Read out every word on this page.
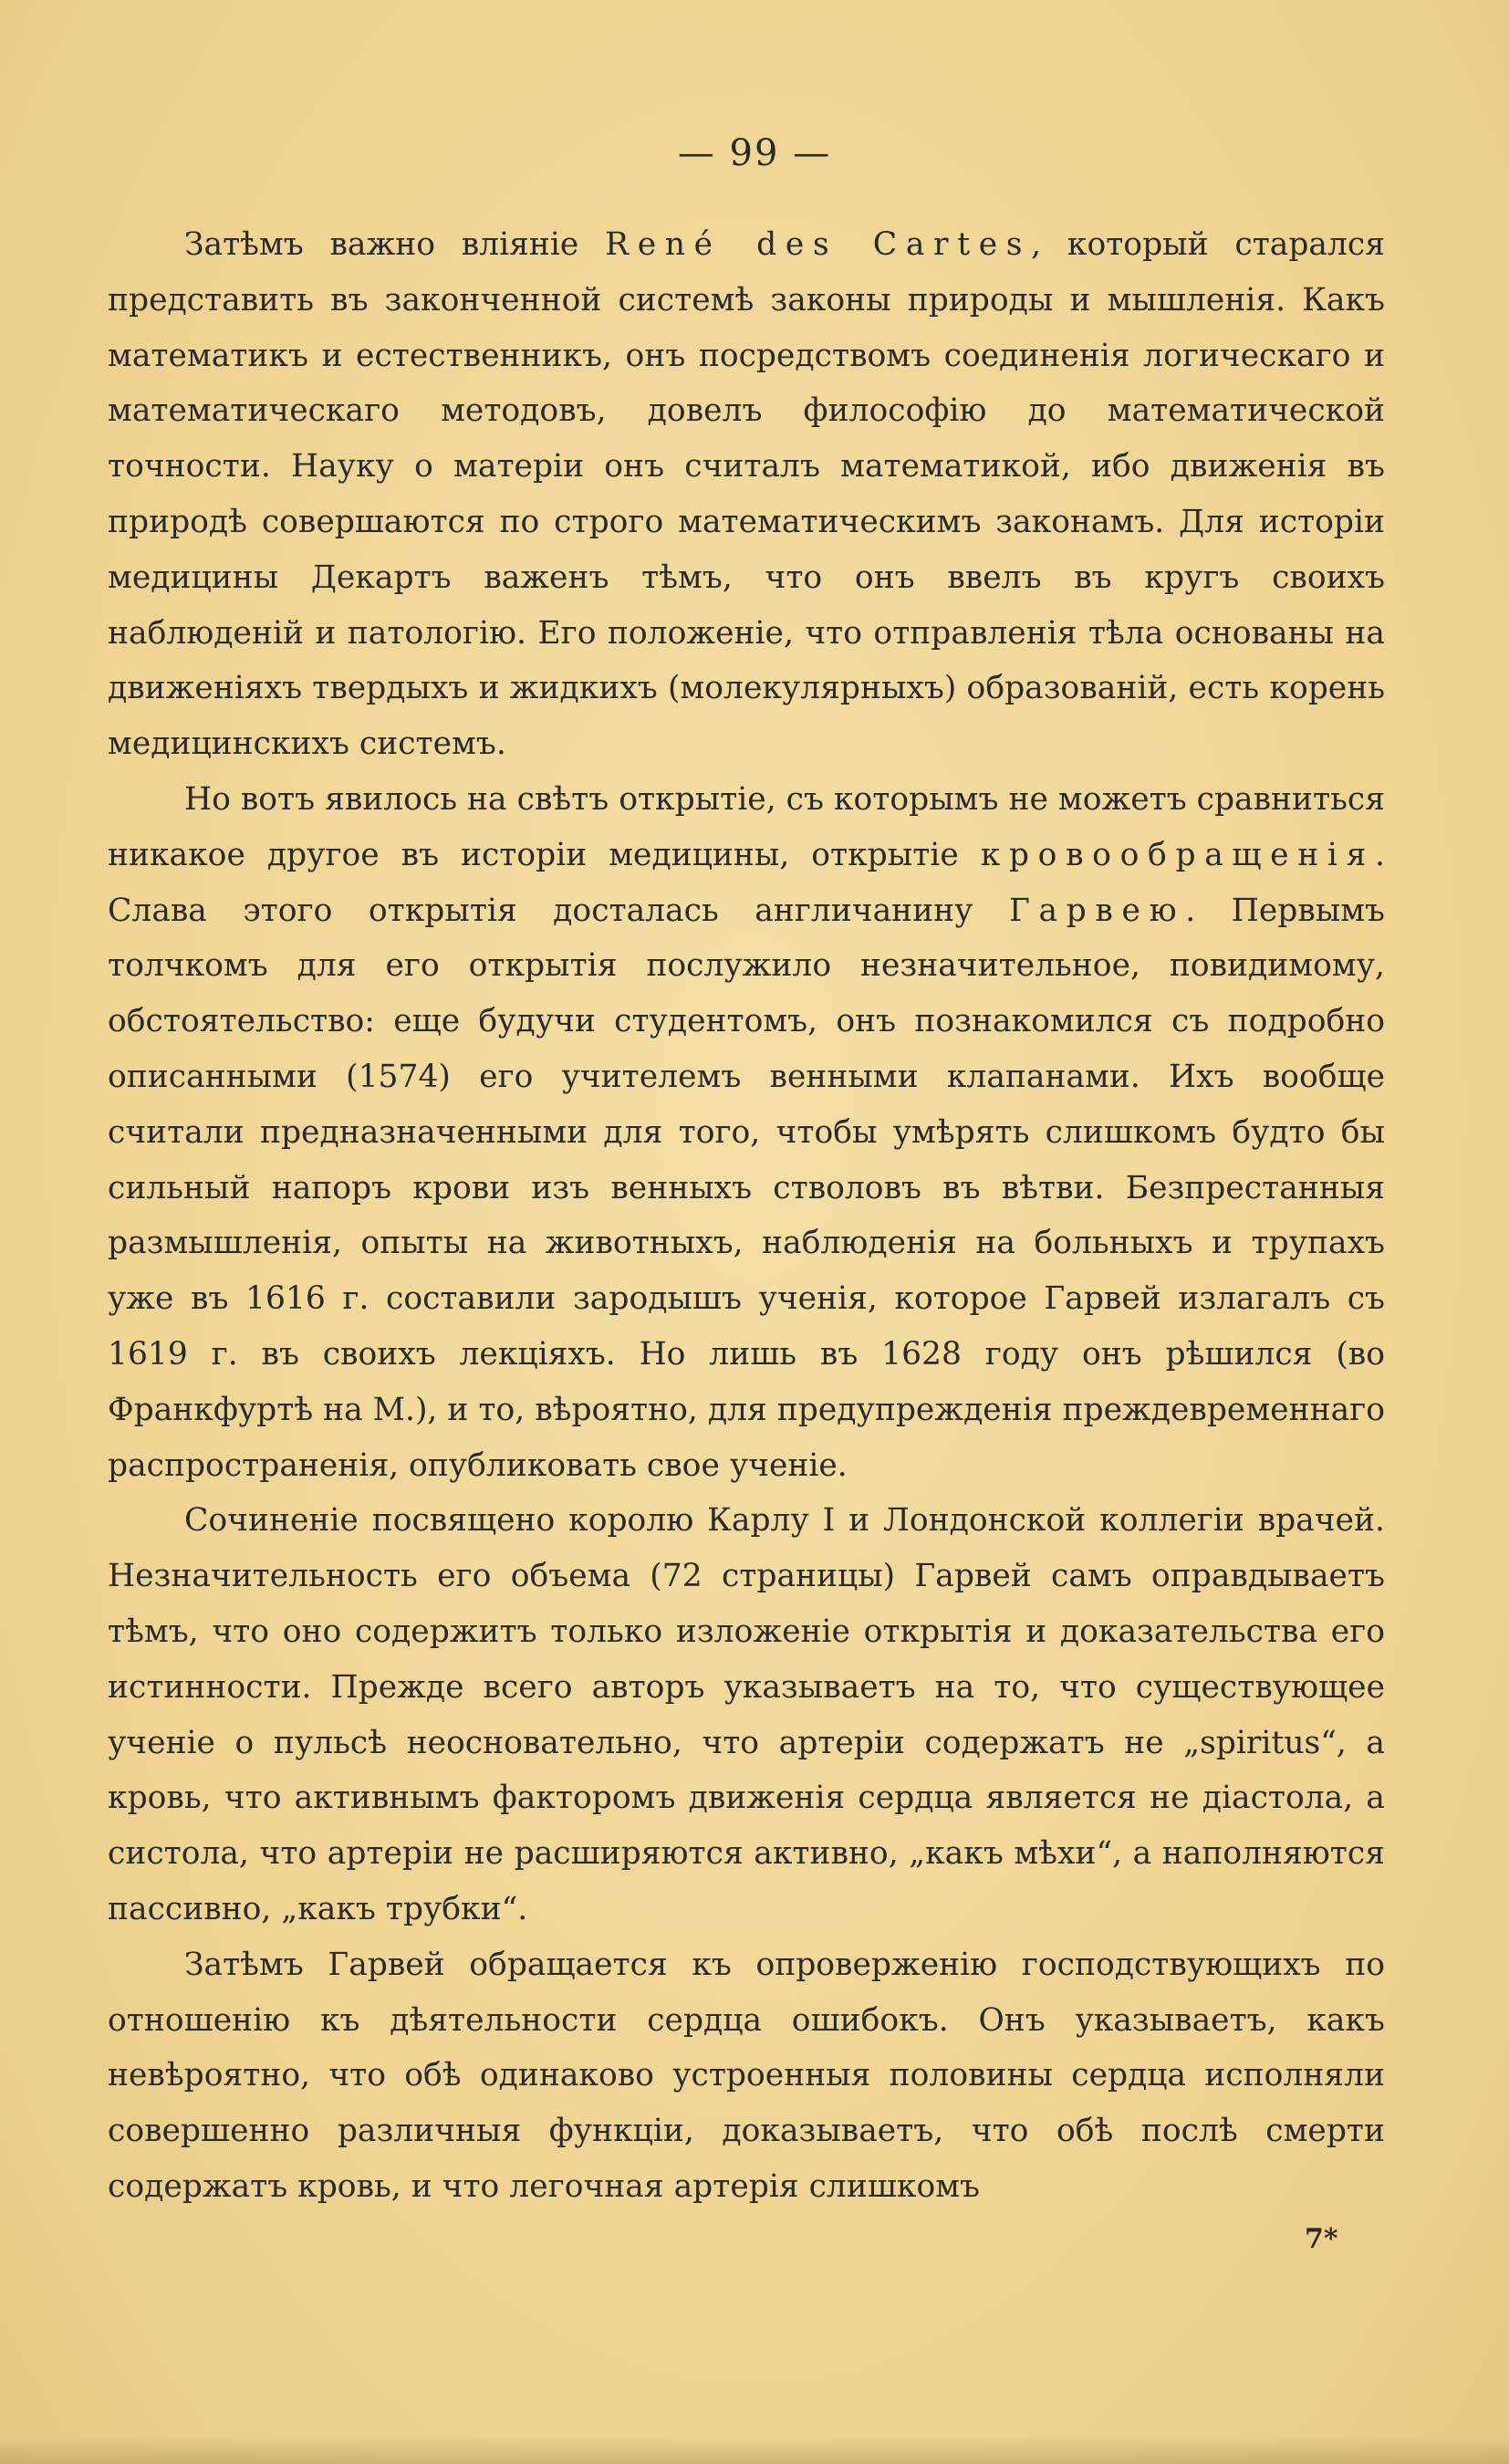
— 99 —

Затѣмъ важно вліяніе René des Cartes, который старался представить въ законченной системѣ законы природы и мышленія. Какъ математикъ и естественникъ, онъ посредствомъ соединенія логическаго и математическаго методовъ, довелъ философію до математической точности. Науку о матеріи онъ считалъ математикой, ибо движенія въ природѣ совершаются по строго математическимъ законамъ. Для исторіи медицины Декартъ важенъ тѣмъ, что онъ ввелъ въ кругъ своихъ наблюденій и патологію. Его положеніе, что отправленія тѣла основаны на движеніяхъ твердыхъ и жидкихъ (молекулярныхъ) образованій, есть корень медицинскихъ системъ.

Но вотъ явилось на свѣтъ открытіе, съ которымъ не можетъ сравниться никакое другое въ исторіи медицины, открытіе кровообращенія. Слава этого открытія досталась англичанину Гарвею. Первымъ толчкомъ для его открытія послужило незначительное, повидимому, обстоятельство: еще будучи студентомъ, онъ познакомился съ подробно описанными (1574) его учителемъ венными клапанами. Ихъ вообще считали предназначенными для того, чтобы умѣрять слишкомъ будто бы сильный напоръ крови изъ венныхъ стволовъ въ вѣтви. Безпрестанныя размышленія, опыты на животныхъ, наблюденія на больныхъ и трупахъ уже въ 1616 г. составили зародышъ ученія, которое Гарвей излагалъ съ 1619 г. въ своихъ лекціяхъ. Но лишь въ 1628 году онъ рѣшился (во Франкфуртѣ на М.), и то, вѣроятно, для предупрежденія преждевременнаго распространенія, опубликовать свое ученіе.

Сочиненіе посвящено королю Карлу I и Лондонской коллегіи врачей. Незначительность его объема (72 страницы) Гарвей самъ оправдываетъ тѣмъ, что оно содержитъ только изложеніе открытія и доказательства его истинности. Прежде всего авторъ указываетъ на то, что существующее ученіе о пульсѣ неосновательно, что артеріи содержатъ не „spiritus“, а кровь, что активнымъ факторомъ движенія сердца является не діастола, а систола, что артеріи не расширяются активно, „какъ мѣхи“, а наполняются пассивно, „какъ трубки“.

Затѣмъ Гарвей обращается къ опроверженію господствующихъ по отношенію къ дѣятельности сердца ошибокъ. Онъ указываетъ, какъ невѣроятно, что обѣ одинаково устроенныя половины сердца исполняли совершенно различныя функціи, доказываетъ, что обѣ послѣ смерти содержатъ кровь, и что легочная артерія слишкомъ

7*
